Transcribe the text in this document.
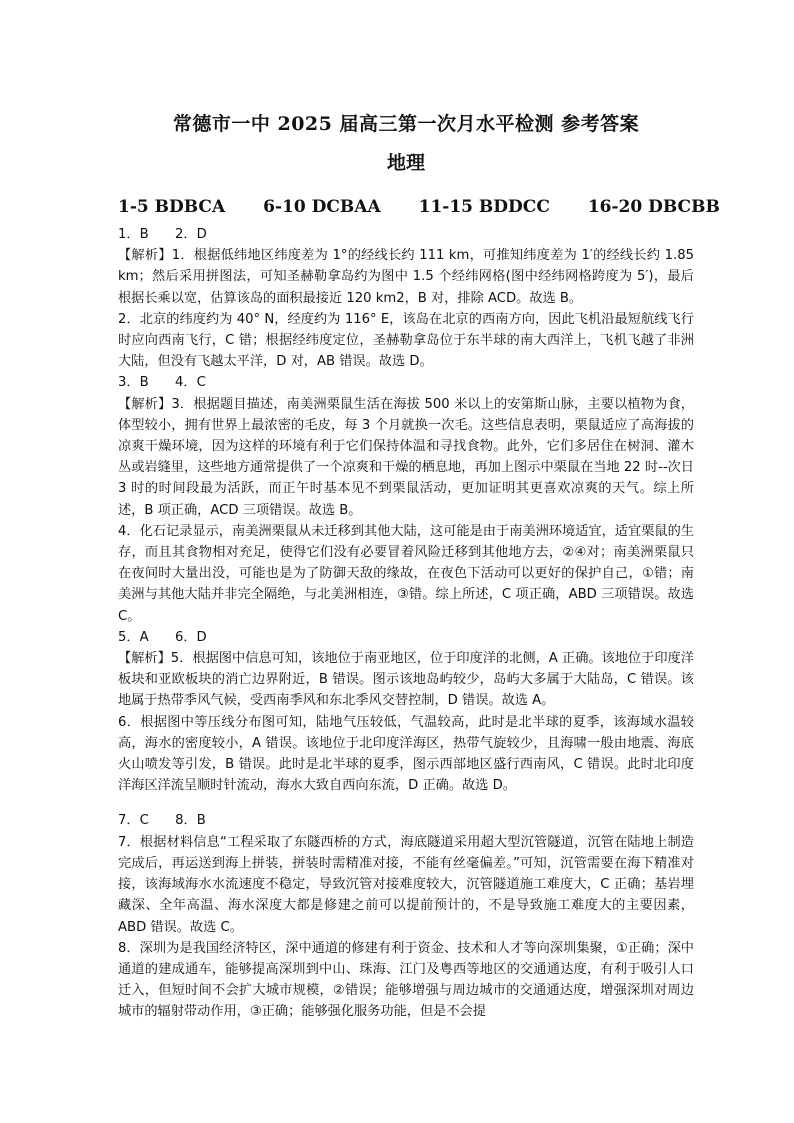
常德市一中 2025 届高三第一次月水平检测 参考答案
地理
1-5 BDBCA 6-10 DCBAA 11-15 BDDCC 16-20 DBCBB

1．B　　2．D

【解析】1．根据低纬地区纬度差为 1°的经线长约 111 km，可推知纬度差为 1′的经线长约 1.85 km；然后采用拼图法，可知圣赫勒拿岛约为图中 1.5 个经纬网格(图中经纬网格跨度为 5′)，最后根据长乘以宽，估算该岛的面积最接近 120 km2，B 对，排除 ACD。故选 B。

2．北京的纬度约为 40° N，经度约为 116° E，该岛在北京的西南方向，因此飞机沿最短航线飞行时应向西南飞行，C 错；根据经纬度定位，圣赫勒拿岛位于东半球的南大西洋上，飞机飞越了非洲大陆，但没有飞越太平洋，D 对，AB 错误。故选 D。

3．B　　4．C

【解析】3．根据题目描述，南美洲栗鼠生活在海拔 500 米以上的安第斯山脉，主要以植物为食，体型较小，拥有世界上最浓密的毛皮，每 3 个月就换一次毛。这些信息表明，栗鼠适应了高海拔的凉爽干燥环境，因为这样的环境有利于它们保持体温和寻找食物。此外，它们多居住在树洞、灌木丛或岩缝里，这些地方通常提供了一个凉爽和干燥的栖息地，再加上图示中栗鼠在当地 22 时--次日 3 时的时间段最为活跃，而正午时基本见不到栗鼠活动，更加证明其更喜欢凉爽的天气。综上所述，B 项正确，ACD 三项错误。故选 B。

4．化石记录显示，南美洲栗鼠从未迁移到其他大陆，这可能是由于南美洲环境适宜，适宜栗鼠的生存，而且其食物相对充足，使得它们没有必要冒着风险迁移到其他地方去，②④对；南美洲栗鼠只在夜间时大量出没，可能也是为了防御天敌的缘故，在夜色下活动可以更好的保护自己，①错；南美洲与其他大陆并非完全隔绝，与北美洲相连，③错。综上所述，C 项正确，ABD 三项错误。故选 C。

5．A　　6．D

【解析】5．根据图中信息可知，该地位于南亚地区，位于印度洋的北侧，A 正确。该地位于印度洋板块和亚欧板块的消亡边界附近，B 错误。图示该地岛屿较少，岛屿大多属于大陆岛，C 错误。该地属于热带季风气候，受西南季风和东北季风交替控制，D 错误。故选 A。

6．根据图中等压线分布图可知，陆地气压较低，气温较高，此时是北半球的夏季，该海域水温较高，海水的密度较小，A 错误。该地位于北印度洋海区，热带气旋较少，且海啸一般由地震、海底火山喷发等引发，B 错误。此时是北半球的夏季，图示西部地区盛行西南风，C 错误。此时北印度洋海区洋流呈顺时针流动，海水大致自西向东流，D 正确。故选 D。

7．C　　8．B

7．根据材料信息“工程采取了东隧西桥的方式，海底隧道采用超大型沉管隧道，沉管在陆地上制造完成后，再运送到海上拼装，拼装时需精准对接，不能有丝毫偏差。”可知，沉管需要在海下精准对接，该海域海水水流速度不稳定，导致沉管对接难度较大，沉管隧道施工难度大，C 正确；基岩埋藏深、全年高温、海水深度大都是修建之前可以提前预计的，不是导致施工难度大的主要因素，ABD 错误。故选 C。

8．深圳为是我国经济特区，深中通道的修建有利于资金、技术和人才等向深圳集聚，①正确；深中通道的建成通车，能够提高深圳到中山、珠海、江门及粤西等地区的交通通达度，有利于吸引人口迁入，但短时间不会扩大城市规模，②错误；能够增强与周边城市的交通通达度，增强深圳对周边城市的辐射带动作用，③正确；能够强化服务功能，但是不会提
